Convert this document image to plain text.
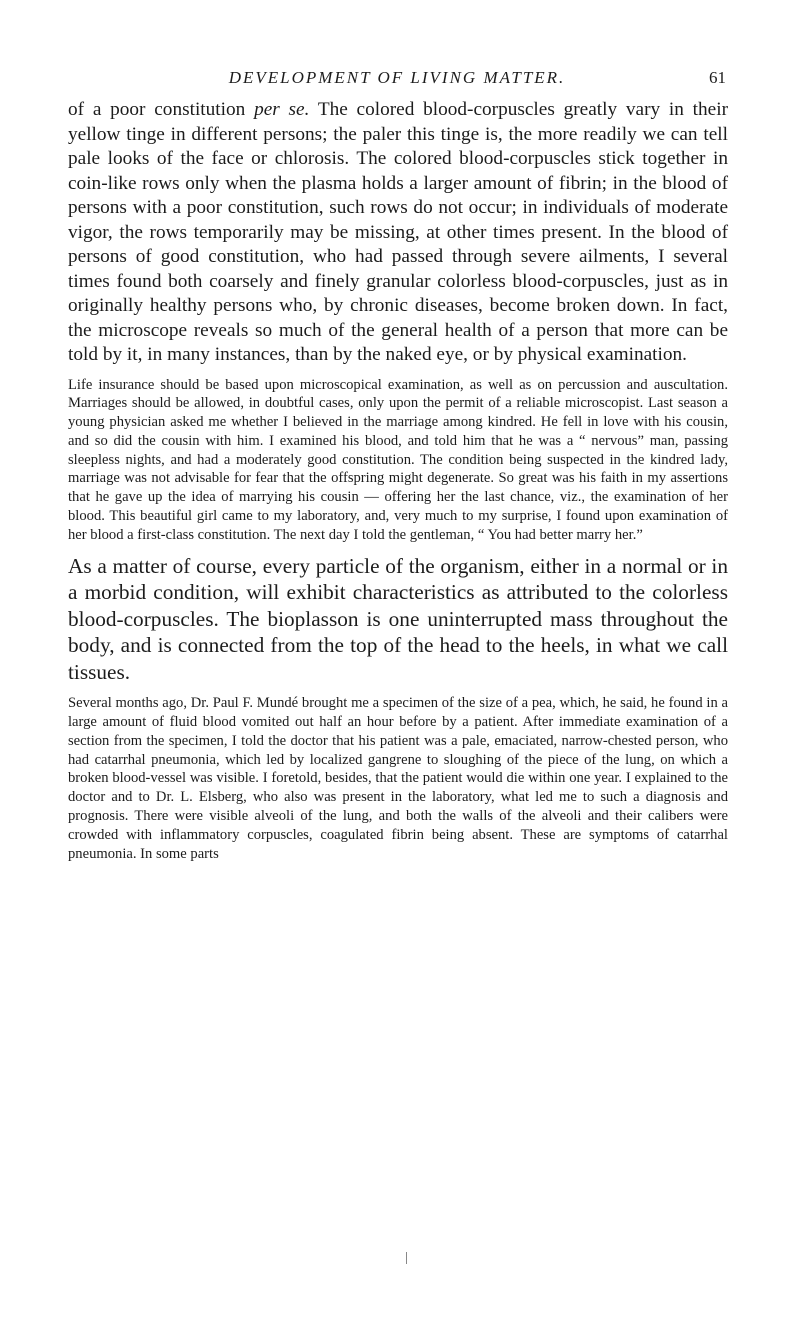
DEVELOPMENT OF LIVING MATTER.	61

of a poor constitution per se. The colored blood-corpuscles greatly vary in their yellow tinge in different persons; the paler this tinge is, the more readily we can tell pale looks of the face or chlorosis. The colored blood-corpuscles stick together in coin-like rows only when the plasma holds a larger amount of fibrin; in the blood of persons with a poor constitution, such rows do not occur; in individuals of moderate vigor, the rows temporarily may be missing, at other times present. In the blood of persons of good constitution, who had passed through severe ailments, I several times found both coarsely and finely granular colorless blood-corpuscles, just as in originally healthy persons who, by chronic diseases, become broken down. In fact, the microscope reveals so much of the general health of a person that more can be told by it, in many instances, than by the naked eye, or by physical examination.

Life insurance should be based upon microscopical examination, as well as on percussion and auscultation. Marriages should be allowed, in doubtful cases, only upon the permit of a reliable microscopist. Last season a young physician asked me whether I believed in the marriage among kindred. He fell in love with his cousin, and so did the cousin with him. I examined his blood, and told him that he was a “ nervous” man, passing sleepless nights, and had a moderately good constitution. The condition being suspected in the kindred lady, marriage was not advisable for fear that the offspring might degenerate. So great was his faith in my assertions that he gave up the idea of marrying his cousin — offering her the last chance, viz., the examination of her blood. This beautiful girl came to my laboratory, and, very much to my surprise, I found upon examination of her blood a first-class constitution. The next day I told the gentleman, “ You had better marry her.”

As a matter of course, every particle of the organism, either in a normal or in a morbid condition, will exhibit characteristics as attributed to the colorless blood-corpuscles. The bioplasson is one uninterrupted mass throughout the body, and is connected from the top of the head to the heels, in what we call tissues.

Several months ago, Dr. Paul F. Mundé brought me a specimen of the size of a pea, which, he said, he found in a large amount of fluid blood vomited out half an hour before by a patient. After immediate examination of a section from the specimen, I told the doctor that his patient was a pale, emaciated, narrow-chested person, who had catarrhal pneumonia, which led by localized gangrene to sloughing of the piece of the lung, on which a broken blood-vessel was visible. I foretold, besides, that the patient would die within one year. I explained to the doctor and to Dr. L. Elsberg, who also was present in the laboratory, what led me to such a diagnosis and prognosis. There were visible alveoli of the lung, and both the walls of the alveoli and their calibers were crowded with inflammatory corpuscles, coagulated fibrin being absent. These are symptoms of catarrhal pneumonia. In some parts
